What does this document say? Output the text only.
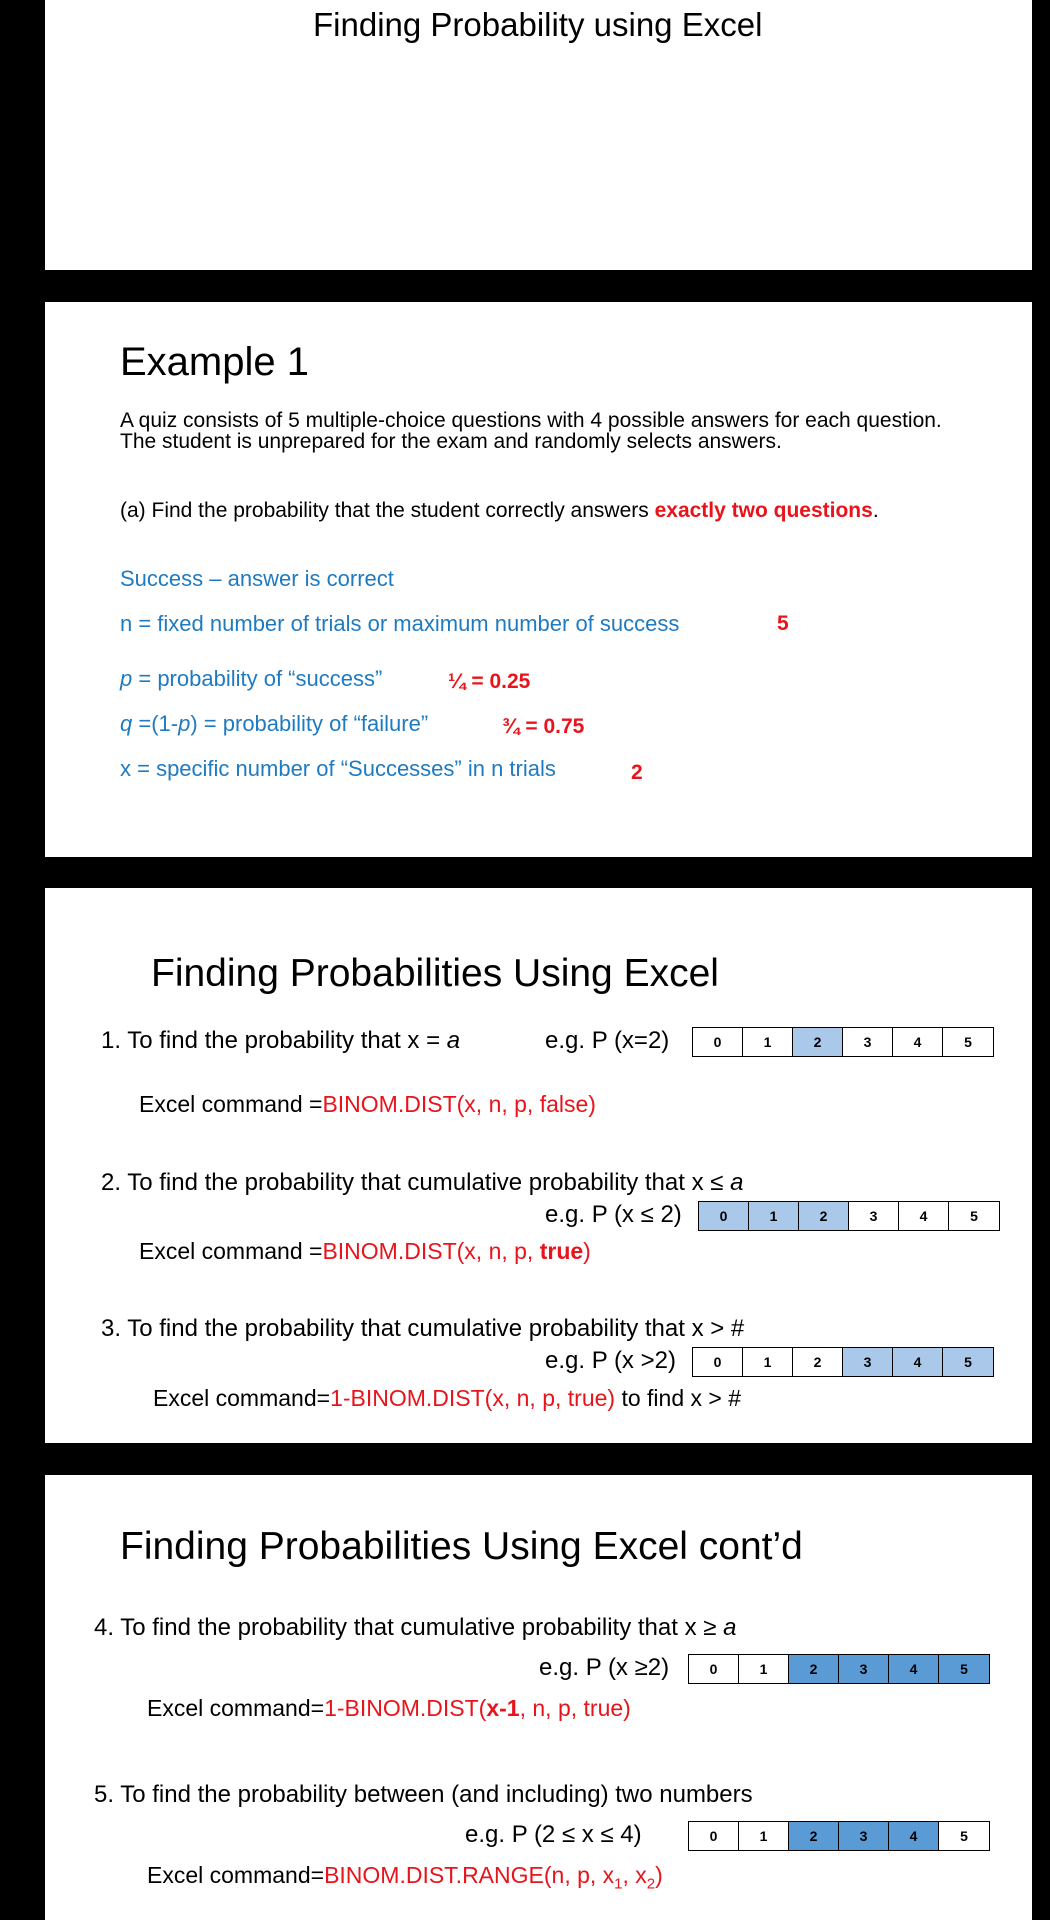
Finding Probability using Excel
Example 1
A quiz consists of 5 multiple-choice questions with 4 possible answers for each question. The student is unprepared for the exam and randomly selects answers.
(a) Find the probability that the student correctly answers exactly two questions.
Success – answer is correct
n = fixed number of trials or maximum number of success	5
p = probability of “success”	¼ = 0.25
q =(1-p) = probability of “failure”	¾ = 0.75
x = specific number of “Successes” in n trials	2
Finding Probabilities Using Excel
1. To find the probability that x = a	e.g. P (x=2)	0	1	2	3	4	5
Excel command =BINOM.DIST(x, n, p, false)
2. To find the probability that cumulative probability that x ≤ a
e.g. P (x ≤ 2)	0	1	2	3	4	5
Excel command =BINOM.DIST(x, n, p, true)
3. To find the probability that cumulative probability that x > #
e.g. P (x >2)	0	1	2	3	4	5
Excel command=1-BINOM.DIST(x, n, p, true) to find x > #
Finding Probabilities Using Excel cont’d
4. To find the probability that cumulative probability that x ≥ a
e.g. P (x ≥2)	0	1	2	3	4	5
Excel command=1-BINOM.DIST(x-1, n, p, true)
5. To find the probability between (and including) two numbers
e.g. P (2 ≤ x ≤ 4)	0	1	2	3	4	5
Excel command=BINOM.DIST.RANGE(n, p, $x_1$, $x_2$)
